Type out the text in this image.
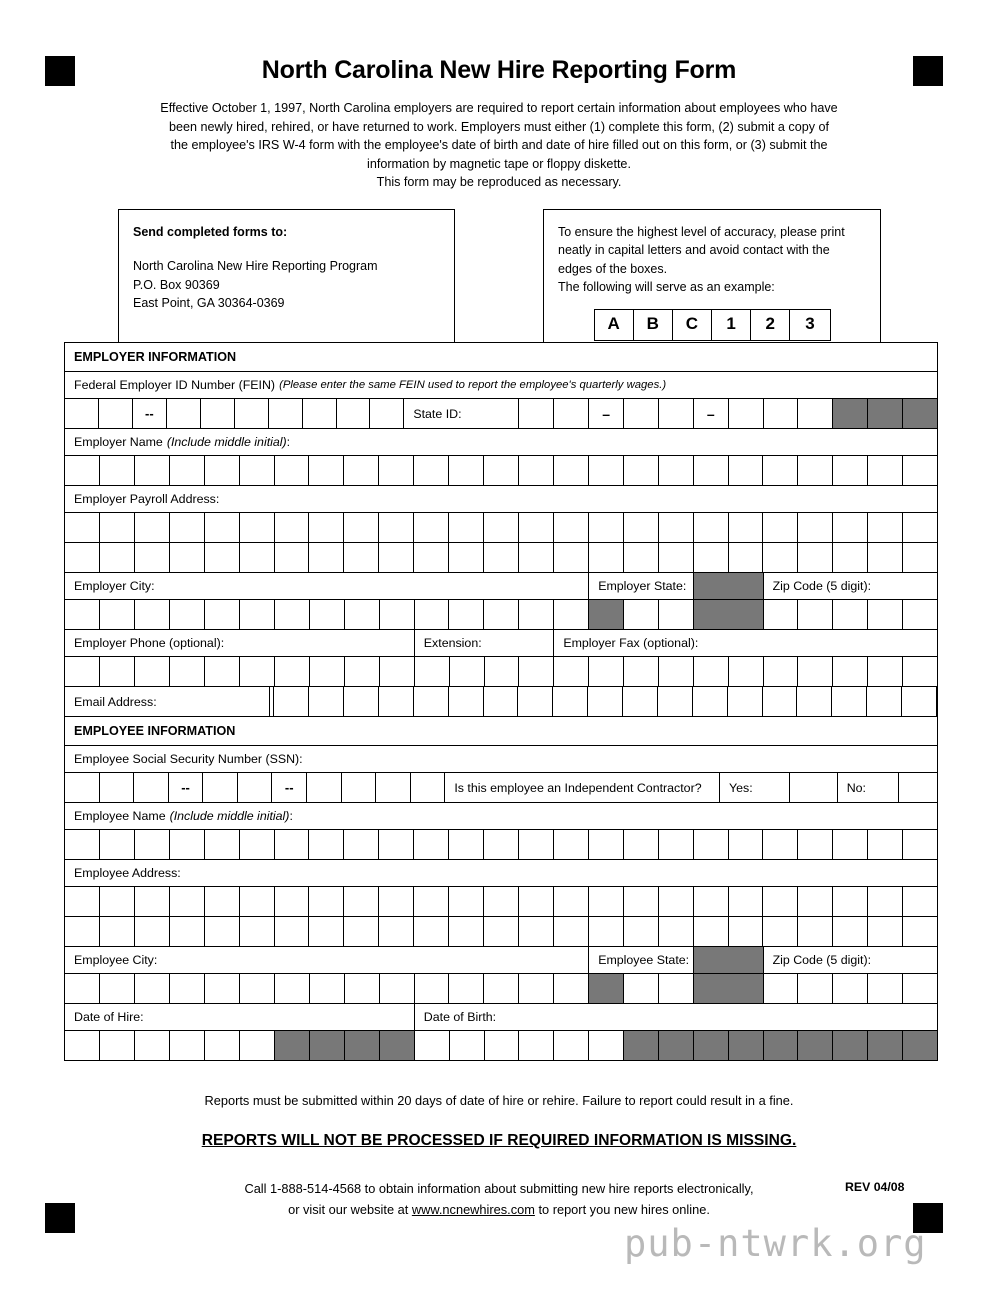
North Carolina New Hire Reporting Form
Effective October 1, 1997, North Carolina employers are required to report certain information about employees who have
been newly hired, rehired, or have returned to work. Employers must either (1) complete this form, (2) submit a copy of
the employee's IRS W-4 form with the employee's date of birth and date of hire filled out on this form, or (3) submit the
information by magnetic tape or floppy diskette.
This form may be reproduced as necessary.
Send completed forms to:
North Carolina New Hire Reporting Program
P.O. Box 90369
East Point, GA 30364-0369
To ensure the highest level of accuracy, please print
neatly in capital letters and avoid contact with the
edges of the boxes.
The following will serve as an example:
A	B	C	1	2	3
EMPLOYER INFORMATION
Federal Employer ID Number (FEIN) (Please enter the same FEIN used to report the employee's quarterly wages.)
--
State ID:
–
–
Employer Name (Include middle initial) :
Employer Payroll Address:
Employer City:	Employer State:	Zip Code (5 digit):
Employer Phone (optional):	Extension:	Employer Fax (optional):
Email Address:
EMPLOYEE INFORMATION
Employee Social Security Number (SSN):
--
--
Is this employee an Independent Contractor?	Yes:	No:
Employee Name (Include middle initial) :
Employee Address:
Employee City:	Employee State:	Zip Code (5 digit):
Date of Hire:	Date of Birth:
Reports must be submitted within 20 days of date of hire or rehire. Failure to report could result in a fine.
REPORTS WILL NOT BE PROCESSED IF REQUIRED INFORMATION IS MISSING.
Call 1-888-514-4568 to obtain information about submitting new hire reports electronically,
or visit our website at www.ncnewhires.com to report you new hires online.
REV 04/08
pub-ntwrk.org
